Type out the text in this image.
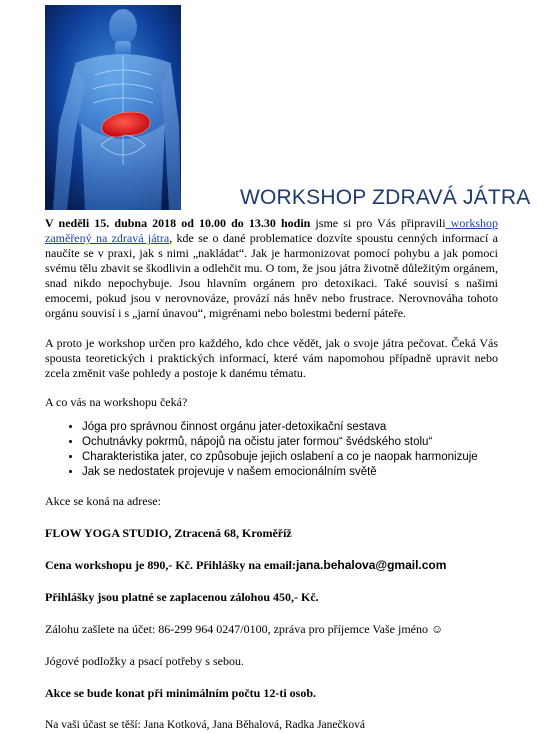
WORKSHOP ZDRAVÁ JÁTRA

V neděli 15. dubna 2018 od 10.00 do 13.30 hodin jsme si pro Vás připravili workshop zaměřený na zdravá játra, kde se o dané problematice dozvíte spoustu cenných informací a naučíte se v praxi, jak s nimi „nakládat“. Jak je harmonizovat pomocí pohybu a jak pomoci svému tělu zbavit se škodlivin a odlehčit mu. O tom, že jsou játra životně důležitým orgánem, snad nikdo nepochybuje. Jsou hlavním orgánem pro detoxikaci. Také souvisí s našimi emocemi, pokud jsou v nerovnováze, provází nás hněv nebo frustrace. Nerovnováha tohoto orgánu souvisí i s „jarní únavou“, migrénami nebo bolestmi bederní páteře.

A proto je workshop určen pro každého, kdo chce vědět, jak o svoje játra pečovat. Čeká Vás spousta teoretických i praktických informací, které vám napomohou případně upravit nebo zcela změnit vaše pohledy a postoje k danému tématu.

A co vás na workshopu čeká?

• Jóga pro správnou činnost orgánu jater-detoxikační sestava
• Ochutnávky pokrmů, nápojů na očistu jater formou“ švédského stolu“
• Charakteristika jater, co způsobuje jejich oslabení a co je naopak harmonizuje
• Jak se nedostatek projevuje v našem emocionálním světě

Akce se koná na adrese:

FLOW YOGA STUDIO, Ztracená 68, Kroměříž

Cena workshopu je 890,- Kč. Přihlášky na email:jana.behalova@gmail.com

Přihlášky jsou platné se zaplacenou zálohou 450,- Kč.

Zálohu zašlete na účet: 86-299 964 0247/0100, zpráva pro příjemce Vaše jméno ☺

Jógové podložky a psací potřeby s sebou.

Akce se bude konat při minimálním počtu 12-ti osob.

Na vaši účast se těší: Jana Kotková, Jana Běhalová, Radka Janečková
